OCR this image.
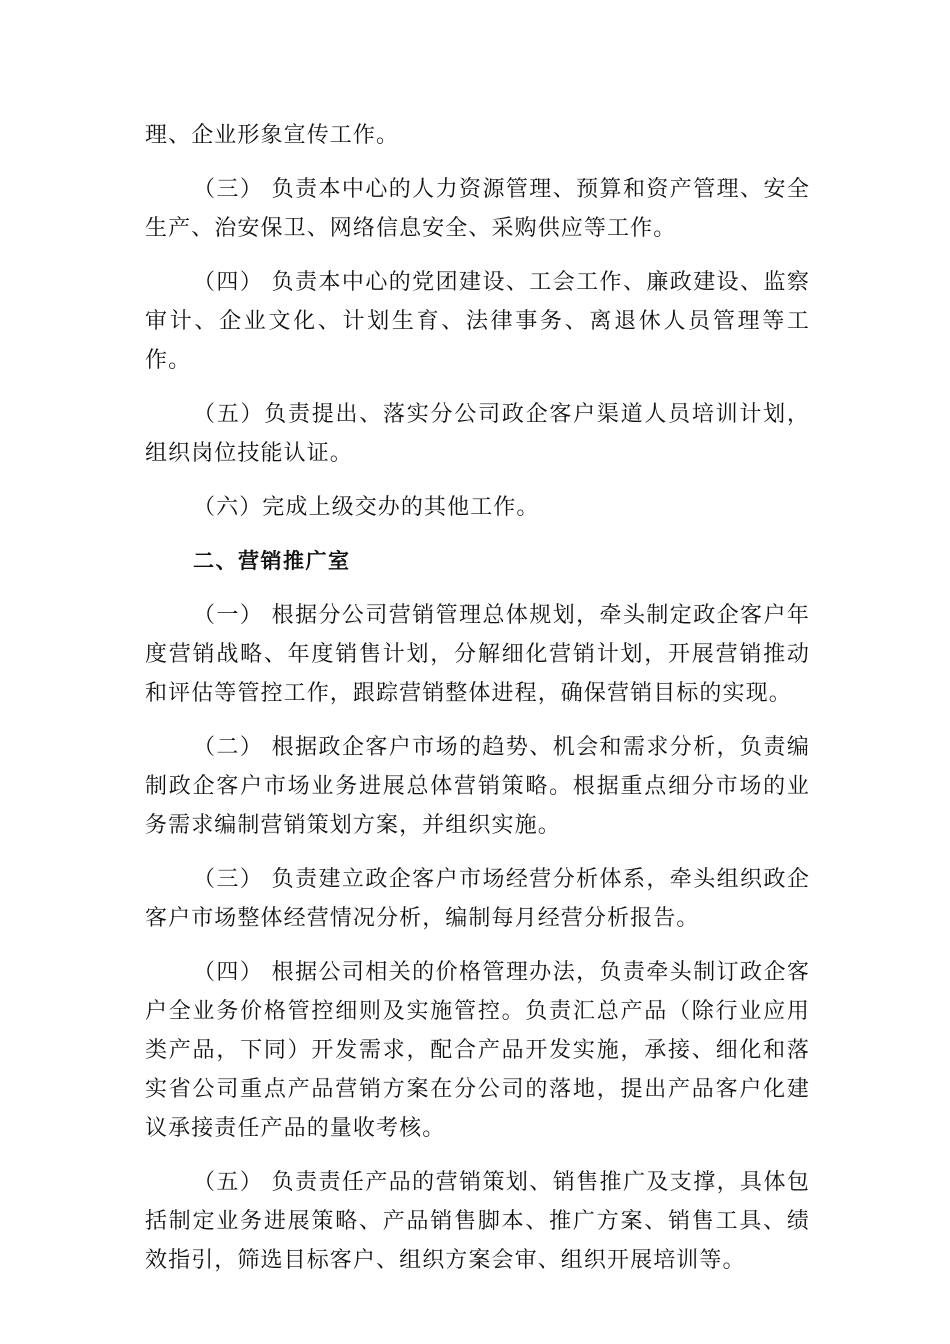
理、企业形象宣传工作。

（三） 负责本中心的人力资源管理、预算和资产管理、安全生产、治安保卫、网络信息安全、采购供应等工作。

（四） 负责本中心的党团建设、工会工作、廉政建设、监察审计、企业文化、计划生育、法律事务、离退休人员管理等工作。

（五）负责提出、落实分公司政企客户渠道人员培训计划，组织岗位技能认证。

（六）完成上级交办的其他工作。

二、营销推广室

（一） 根据分公司营销管理总体规划，牵头制定政企客户年度营销战略、年度销售计划，分解细化营销计划，开展营销推动和评估等管控工作，跟踪营销整体进程，确保营销目标的实现。

（二） 根据政企客户市场的趋势、机会和需求分析，负责编制政企客户市场业务进展总体营销策略。根据重点细分市场的业务需求编制营销策划方案，并组织实施。

（三） 负责建立政企客户市场经营分析体系，牵头组织政企客户市场整体经营情况分析，编制每月经营分析报告。

（四） 根据公司相关的价格管理办法，负责牵头制订政企客户全业务价格管控细则及实施管控。负责汇总产品（除行业应用类产品，下同）开发需求，配合产品开发实施，承接、细化和落实省公司重点产品营销方案在分公司的落地，提出产品客户化建议承接责任产品的量收考核。

（五） 负责责任产品的营销策划、销售推广及支撑，具体包括制定业务进展策略、产品销售脚本、推广方案、销售工具、绩效指引，筛选目标客户、组织方案会审、组织开展培训等。
